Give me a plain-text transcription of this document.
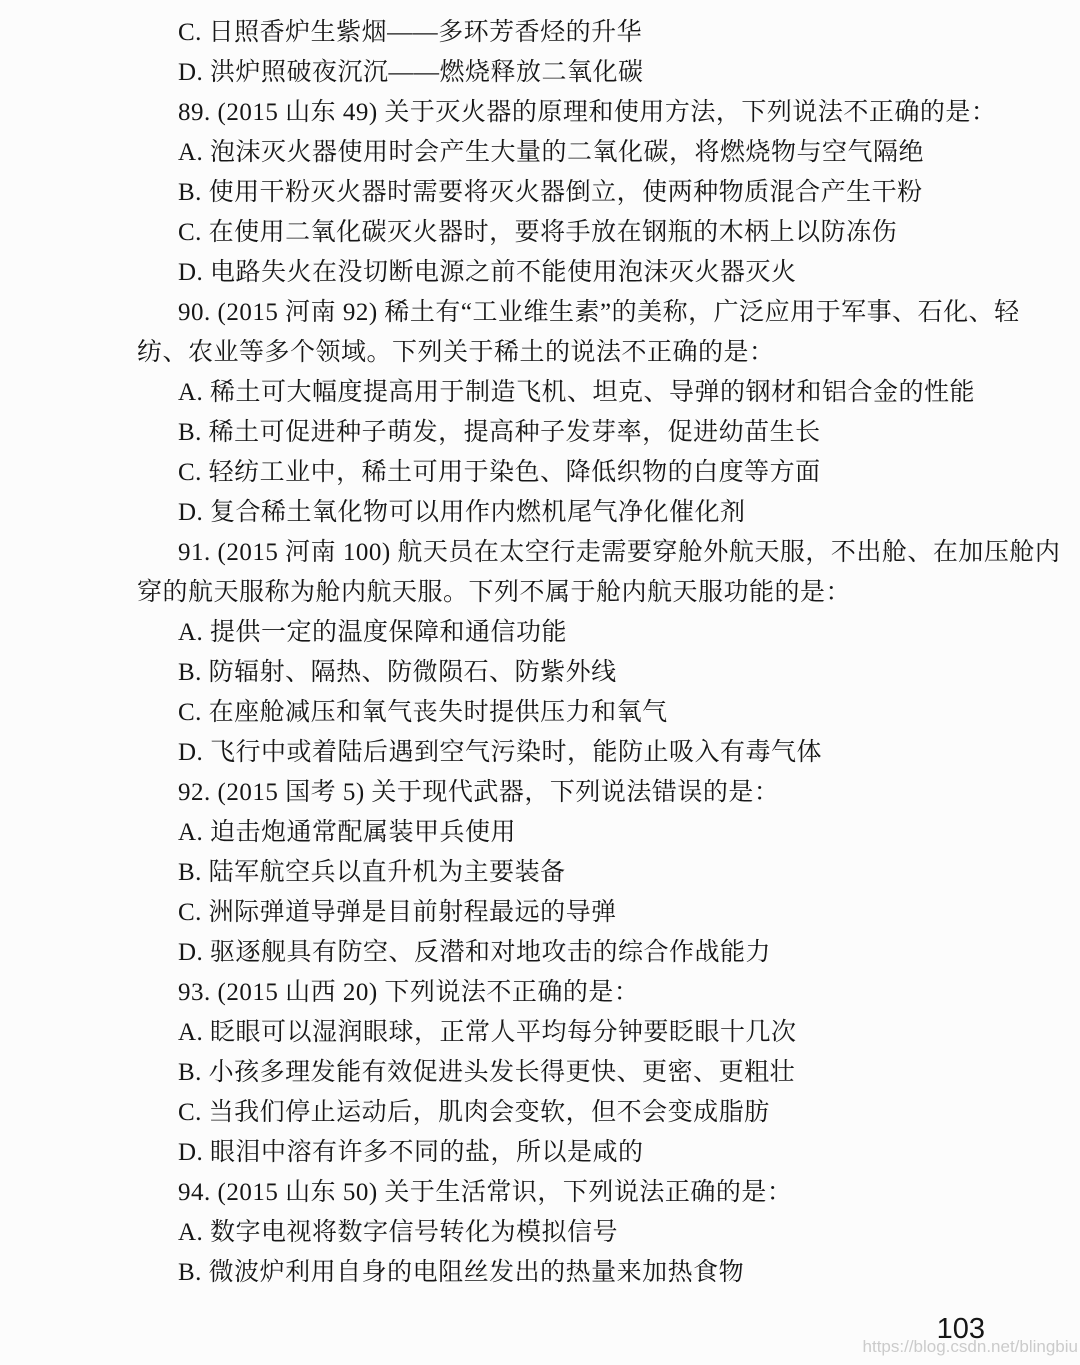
C. 日照香炉生紫烟——多环芳香烃的升华
D. 洪炉照破夜沉沉——燃烧释放二氧化碳
89. (2015 山东 49) 关于灭火器的原理和使用方法，下列说法不正确的是：
A. 泡沫灭火器使用时会产生大量的二氧化碳，将燃烧物与空气隔绝
B. 使用干粉灭火器时需要将灭火器倒立，使两种物质混合产生干粉
C. 在使用二氧化碳灭火器时，要将手放在钢瓶的木柄上以防冻伤
D. 电路失火在没切断电源之前不能使用泡沫灭火器灭火
90. (2015 河南 92) 稀土有“工业维生素”的美称，广泛应用于军事、石化、轻
纺、农业等多个领域。下列关于稀土的说法不正确的是：
A. 稀土可大幅度提高用于制造飞机、坦克、导弹的钢材和铝合金的性能
B. 稀土可促进种子萌发，提高种子发芽率，促进幼苗生长
C. 轻纺工业中，稀土可用于染色、降低织物的白度等方面
D. 复合稀土氧化物可以用作内燃机尾气净化催化剂
91. (2015 河南 100) 航天员在太空行走需要穿舱外航天服，不出舱、在加压舱内
穿的航天服称为舱内航天服。下列不属于舱内航天服功能的是：
A. 提供一定的温度保障和通信功能
B. 防辐射、隔热、防微陨石、防紫外线
C. 在座舱减压和氧气丧失时提供压力和氧气
D. 飞行中或着陆后遇到空气污染时，能防止吸入有毒气体
92. (2015 国考 5) 关于现代武器，下列说法错误的是：
A. 迫击炮通常配属装甲兵使用
B. 陆军航空兵以直升机为主要装备
C. 洲际弹道导弹是目前射程最远的导弹
D. 驱逐舰具有防空、反潜和对地攻击的综合作战能力
93. (2015 山西 20) 下列说法不正确的是：
A. 眨眼可以湿润眼球，正常人平均每分钟要眨眼十几次
B. 小孩多理发能有效促进头发长得更快、更密、更粗壮
C. 当我们停止运动后，肌肉会变软，但不会变成脂肪
D. 眼泪中溶有许多不同的盐，所以是咸的
94. (2015 山东 50) 关于生活常识，下列说法正确的是：
A. 数字电视将数字信号转化为模拟信号
B. 微波炉利用自身的电阻丝发出的热量来加热食物
103
https://blog.csdn.net/blingbiu
